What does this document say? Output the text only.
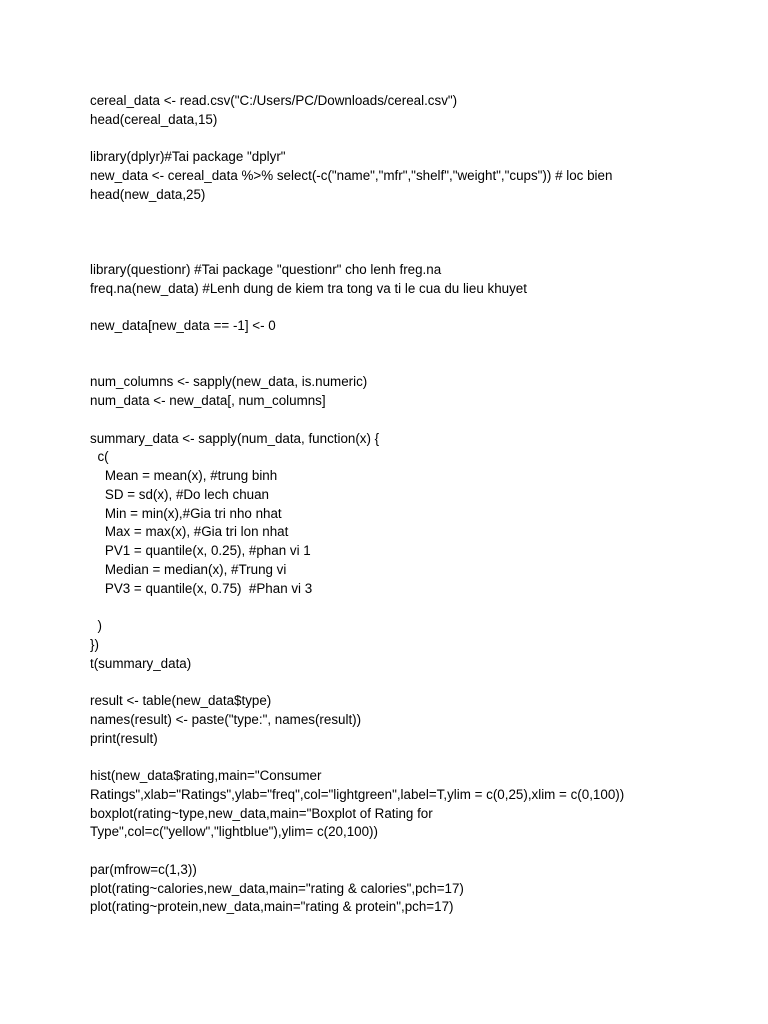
cereal_data <- read.csv("C:/Users/PC/Downloads/cereal.csv")
head(cereal_data,15)
library(dplyr)#Tai package "dplyr"
new_data <- cereal_data %>% select(-c("name","mfr","shelf","weight","cups")) # loc bien
head(new_data,25)
library(questionr) #Tai package "questionr" cho lenh freg.na
freq.na(new_data) #Lenh dung de kiem tra tong va ti le cua du lieu khuyet
new_data[new_data == -1] <- 0
num_columns <- sapply(new_data, is.numeric)
num_data <- new_data[, num_columns]
summary_data <- sapply(num_data, function(x) {
c(
Mean = mean(x), #trung binh
SD = sd(x), #Do lech chuan
Min = min(x),#Gia tri nho nhat
Max = max(x), #Gia tri lon nhat
PV1 = quantile(x, 0.25), #phan vi 1
Median = median(x), #Trung vi
PV3 = quantile(x, 0.75)  #Phan vi 3
)
})
t(summary_data)
result <- table(new_data$type)
names(result) <- paste("type:", names(result))
print(result)
hist(new_data$rating,main="Consumer
Ratings",xlab="Ratings",ylab="freq",col="lightgreen",label=T,ylim = c(0,25),xlim = c(0,100))
boxplot(rating~type,new_data,main="Boxplot of Rating for
Type",col=c("yellow","lightblue"),ylim= c(20,100))
par(mfrow=c(1,3))
plot(rating~calories,new_data,main="rating & calories",pch=17)
plot(rating~protein,new_data,main="rating & protein",pch=17)
